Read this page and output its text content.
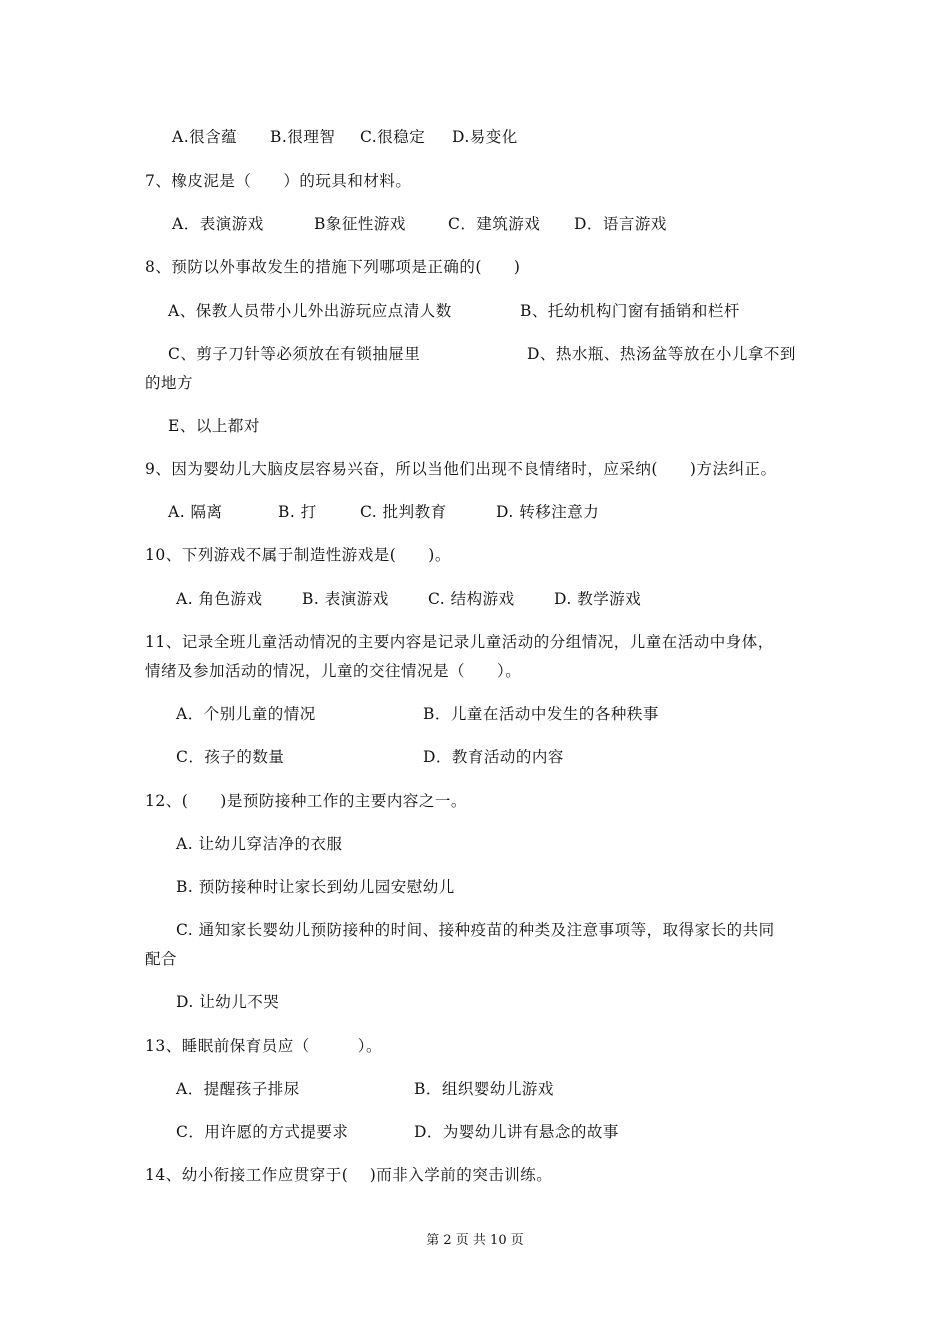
A.很含蕴 B.很理智 C.很稳定 D.易变化
7、橡皮泥是（　　）的玩具和材料。
A．表演游戏	B象征性游戏	C．建筑游戏 D．语言游戏
8、预防以外事故发生的措施下列哪项是正确的(　　)
A、保教人员带小儿外出游玩应点清人数	B、托幼机构门窗有插销和栏杆
C、剪子刀针等必须放在有锁抽屉里	D、热水瓶、热汤盆等放在小儿拿不到
的地方
E、以上都对
9、因为婴幼儿大脑皮层容易兴奋，所以当他们出现不良情绪时，应采纳(　　)方法纠正。
A. 隔离	B. 打	C. 批判教育	D. 转移注意力
10、下列游戏不属于制造性游戏是(　　)。
A. 角色游戏	B. 表演游戏	C. 结构游戏	D. 教学游戏
11、记录全班儿童活动情况的主要内容是记录儿童活动的分组情况，儿童在活动中身体，
情绪及参加活动的情况，儿童的交往情况是（　　）。
A．个别儿童的情况	B．儿童在活动中发生的各种秩事
C．孩子的数量	D．教育活动的内容
12、(　　)是预防接种工作的主要内容之一。
A. 让幼儿穿洁净的衣服
B. 预防接种时让家长到幼儿园安慰幼儿
C. 通知家长婴幼儿预防接种的时间、接种疫苗的种类及注意事项等，取得家长的共同
配合
D. 让幼儿不哭
13、睡眠前保育员应（　　　）。
A．提醒孩子排尿	B．组织婴幼儿游戏
C．用许愿的方式提要求	D．为婴幼儿讲有悬念的故事
14、幼小衔接工作应贯穿于(　 )而非入学前的突击训练。
第 2 页 共 10 页
